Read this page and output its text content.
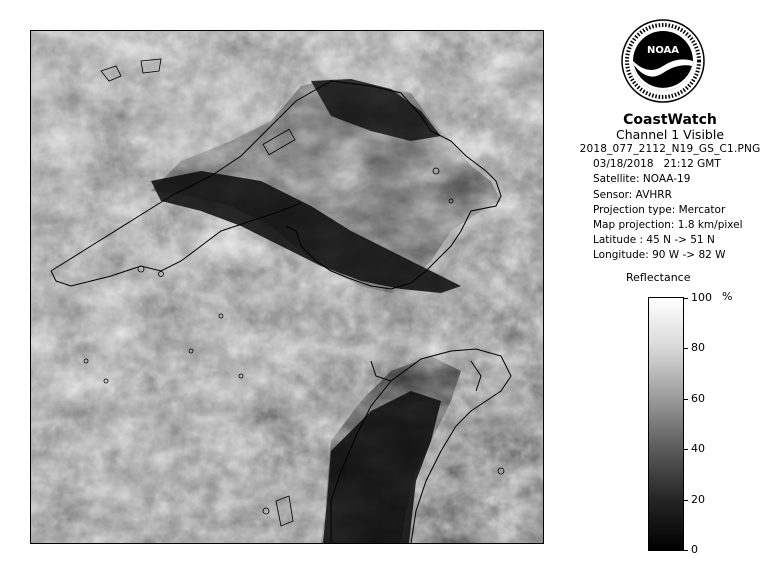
NOAA
CoastWatch
Channel 1 Visible
2018_077_2112_N19_GS_C1.PNG
03/18/2018 21:12 GMT
Satellite: NOAA-19
Sensor: AVHRR
Projection type: Mercator
Map projection: 1.8 km/pixel
Latitude : 45 N -> 51 N
Longitude: 90 W -> 82 W
Reflectance
%
100
80
60
40
20
0
